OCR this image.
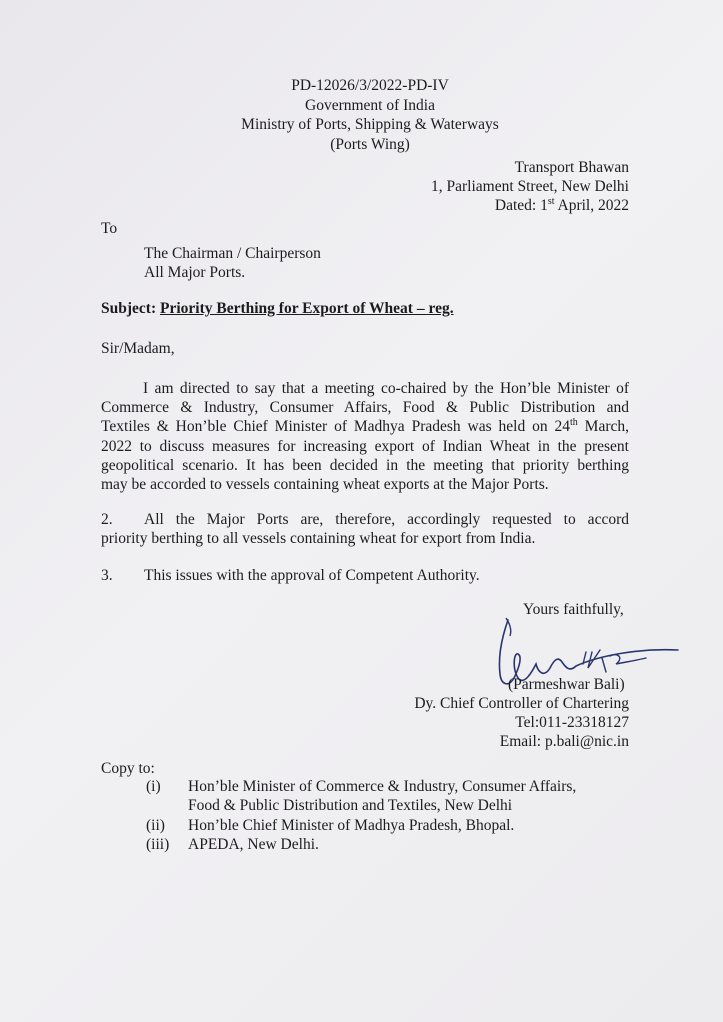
PD-12026/3/2022-PD-IV
Government of India
Ministry of Ports, Shipping & Waterways
(Ports Wing)
Transport Bhawan
1, Parliament Street, New Delhi
Dated: 1st April, 2022
To
The Chairman / Chairperson
All Major Ports.
Subject: Priority Berthing for Export of Wheat – reg.
Sir/Madam,
I am directed to say that a meeting co-chaired by the Hon’ble Minister of
Commerce & Industry, Consumer Affairs, Food & Public Distribution and
Textiles & Hon’ble Chief Minister of Madhya Pradesh was held on 24th March,
2022 to discuss measures for increasing export of Indian Wheat in the present
geopolitical scenario. It has been decided in the meeting that priority berthing
may be accorded to vessels containing wheat exports at the Major Ports.
2. All the Major Ports are, therefore, accordingly requested to accord
priority berthing to all vessels containing wheat for export from India.
3. This issues with the approval of Competent Authority.
Yours faithfully,
(Parmeshwar Bali)
Dy. Chief Controller of Chartering
Tel:011-23318127
Email: p.bali@nic.in
Copy to:
(i) Hon’ble Minister of Commerce & Industry, Consumer Affairs,
Food & Public Distribution and Textiles, New Delhi
(ii) Hon’ble Chief Minister of Madhya Pradesh, Bhopal.
(iii) APEDA, New Delhi.
